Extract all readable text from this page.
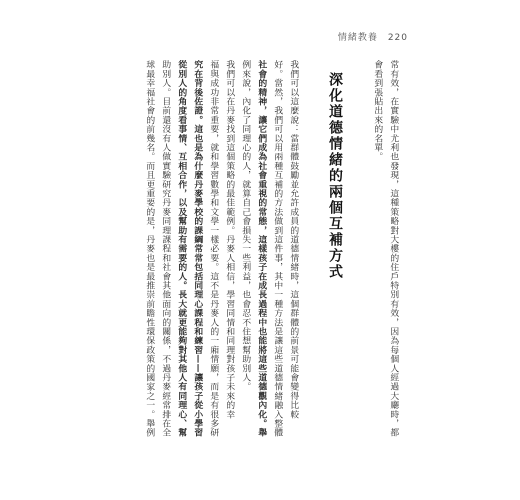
情緒教養 220
常有效，在實驗中尤利也發現，這種策略對大樓的住戶特別有效，因為每個人經過大廳時，都
會看到張貼出來的名單。
深化道德情緒的兩個互補方式
我們可以這麼說：當群體鼓勵並允許成員的道德情緒時，這個群體的前景可能會變得比較
好。當然，我們可以用兩種互補的方法做到這件事，其中一種方法是讓這些道德情緒融入整體
社會的精神，讓它們成為社會重視的常態，這樣孩子在成長過程中也能將這些道德觀內化。舉
例來說，內化了同理心的人，就算自己會損失一些利益，也會忍不住想幫助別人。
我們可以在丹麥找到這個策略的最佳範例。丹麥人相信，學習同情和同理對孩子未來的幸
福與成功非常重要，就和學習數學和文學一樣必要。這不是丹麥人的一廂情願，而是有很多研
究在背後佐證。這也是為什麼丹麥學校的課綱常常包括同理心課程和練習——讓孩子從小學習
從別人的角度看事情、互相合作，以及幫助有需要的人。長大就更能夠對其他人有同理心、幫
助別人。目前還沒有人做實驗研究丹麥同理課程和社會其他面向的關係，不過丹麥經常排在全
球最幸福社會的前幾名。而且更重要的是，丹麥也是最推崇前瞻性環保政策的國家之一。舉例
